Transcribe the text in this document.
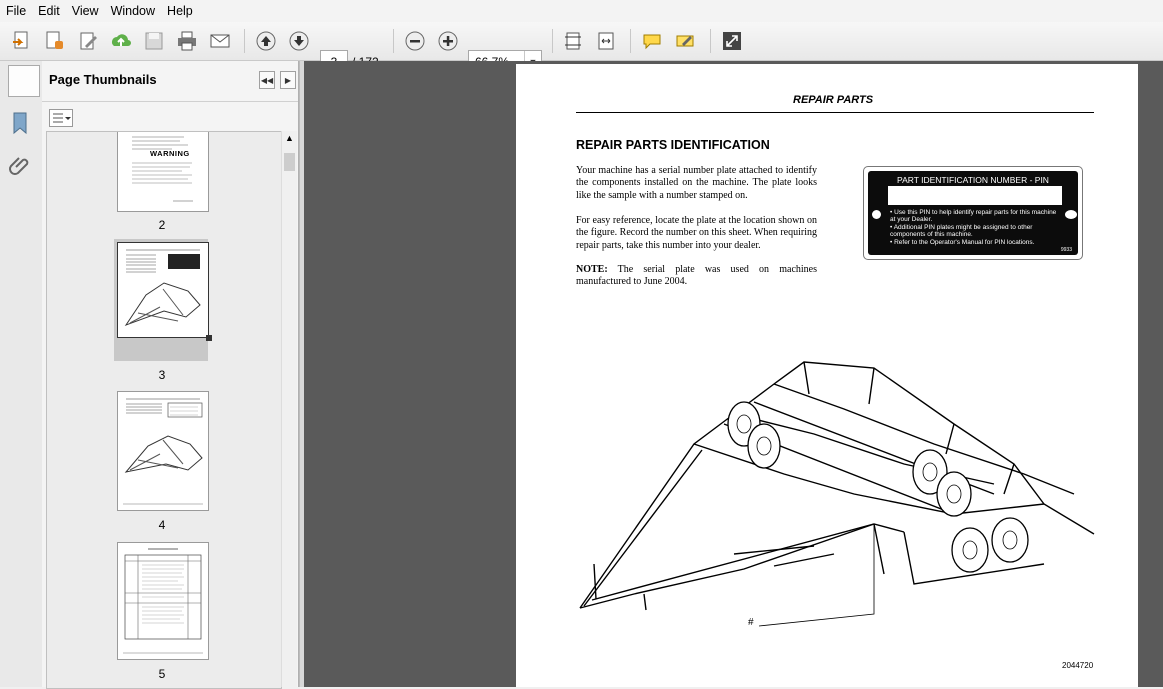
File Edit View Window Help
Page Thumbnails	◀◀	▶
WARNING
2
3
4
5
▲
REPAIR PARTS
REPAIR PARTS IDENTIFICATION
Your machine has a serial number plate attached to identify the components installed on the machine. The plate looks like the sample with a number stamped on.
For easy reference, locate the plate at the location shown on the figure. Record the number on this sheet. When requiring repair parts, take this number into your dealer.
NOTE: The serial plate was used on machines manufactured to June 2004.
PART IDENTIFICATION NUMBER - PIN
• Use this PIN to help identify repair parts for this machine at your Dealer.
• Additional PIN plates might be assigned to other components of this machine.
• Refer to the Operator's Manual for PIN locations.
9933
#
2044720
